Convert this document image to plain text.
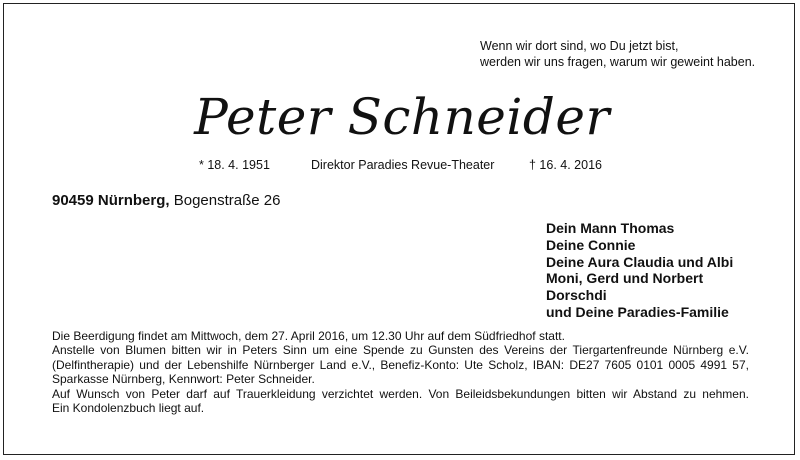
Wenn wir dort sind, wo Du jetzt bist,
werden wir uns fragen, warum wir geweint haben.
Peter Schneider
* 18. 4. 1951	Direktor Paradies Revue-Theater	† 16. 4. 2016
90459 Nürnberg, Bogenstraße 26
Dein Mann Thomas
Deine Connie
Deine Aura Claudia und Albi
Moni, Gerd und Norbert
Dorschdi
und Deine Paradies-Familie
Die Beerdigung findet am Mittwoch, dem 27. April 2016, um 12.30 Uhr auf dem Südfriedhof statt.
Anstelle von Blumen bitten wir in Peters Sinn um eine Spende zu Gunsten des Vereins der Tiergartenfreunde Nürnberg e.V.
(Delfintherapie) und der Lebenshilfe Nürnberger Land e.V., Benefiz-Konto: Ute Scholz, IBAN: DE27 7605 0101 0005 4991 57,
Sparkasse Nürnberg, Kennwort: Peter Schneider.
Auf Wunsch von Peter darf auf Trauerkleidung verzichtet werden. Von Beileidsbekundungen bitten wir Abstand zu nehmen.
Ein Kondolenzbuch liegt auf.
